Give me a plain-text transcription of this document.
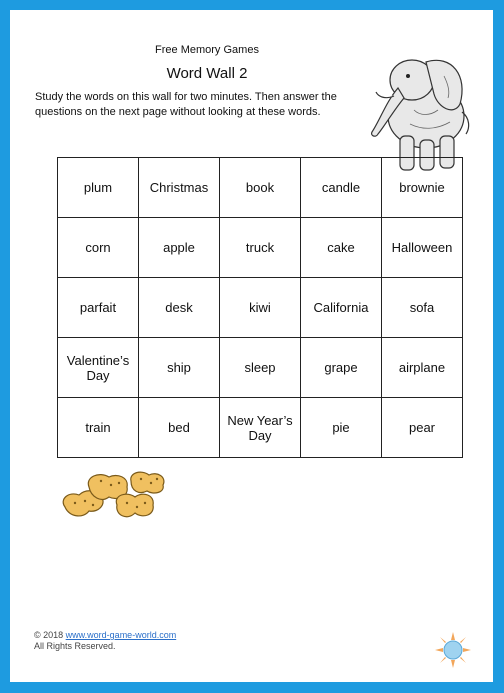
Free Memory Games
Word Wall 2
Study the words on this wall for two minutes. Then answer the questions on the next page without looking at these words.
plum	Christmas	book	candle	brownie
corn	apple	truck	cake	Halloween
parfait	desk	kiwi	California	sofa
Valentine’s Day	ship	sleep	grape	airplane
train	bed	New Year’s Day	pie	pear
© 2018 www.word-game-world.com
All Rights Reserved.
